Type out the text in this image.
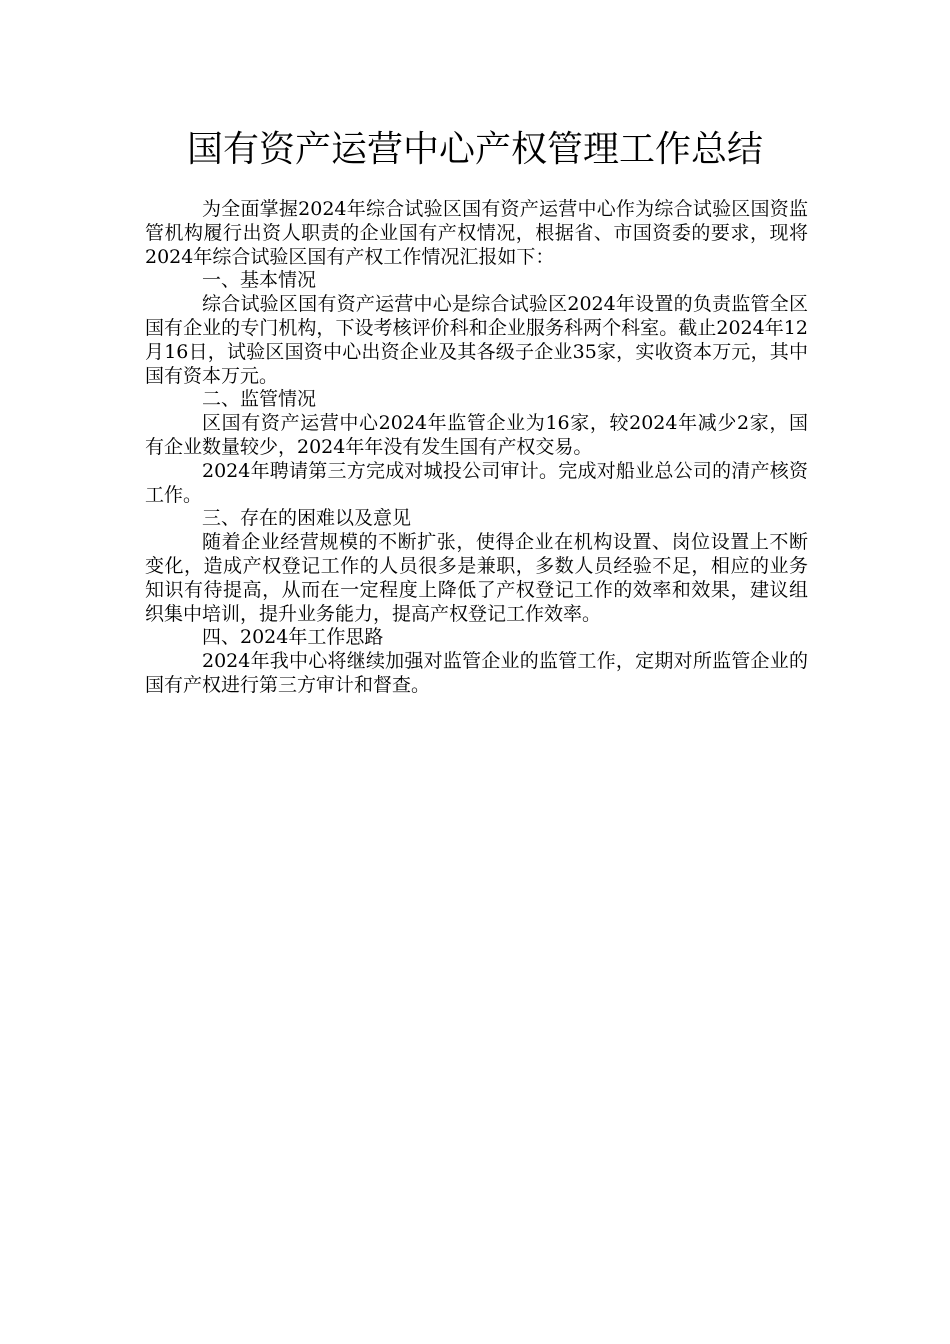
国有资产运营中心产权管理工作总结

为全面掌握2024年综合试验区国有资产运营中心作为综合试验区国资监管机构履行出资人职责的企业国有产权情况，根据省、市国资委的要求，现将2024年综合试验区国有产权工作情况汇报如下：

一、基本情况

综合试验区国有资产运营中心是综合试验区2024年设置的负责监管全区国有企业的专门机构，下设考核评价科和企业服务科两个科室。截止2024年12月16日，试验区国资中心出资企业及其各级子企业35家，实收资本万元，其中国有资本万元。

二、监管情况

区国有资产运营中心2024年监管企业为16家，较2024年减少2家，国有企业数量较少，2024年年没有发生国有产权交易。

2024年聘请第三方完成对城投公司审计。完成对船业总公司的清产核资工作。

三、存在的困难以及意见

随着企业经营规模的不断扩张，使得企业在机构设置、岗位设置上不断变化，造成产权登记工作的人员很多是兼职，多数人员经验不足，相应的业务知识有待提高，从而在一定程度上降低了产权登记工作的效率和效果，建议组织集中培训，提升业务能力，提高产权登记工作效率。

四、2024年工作思路

2024年我中心将继续加强对监管企业的监管工作，定期对所监管企业的国有产权进行第三方审计和督查。
